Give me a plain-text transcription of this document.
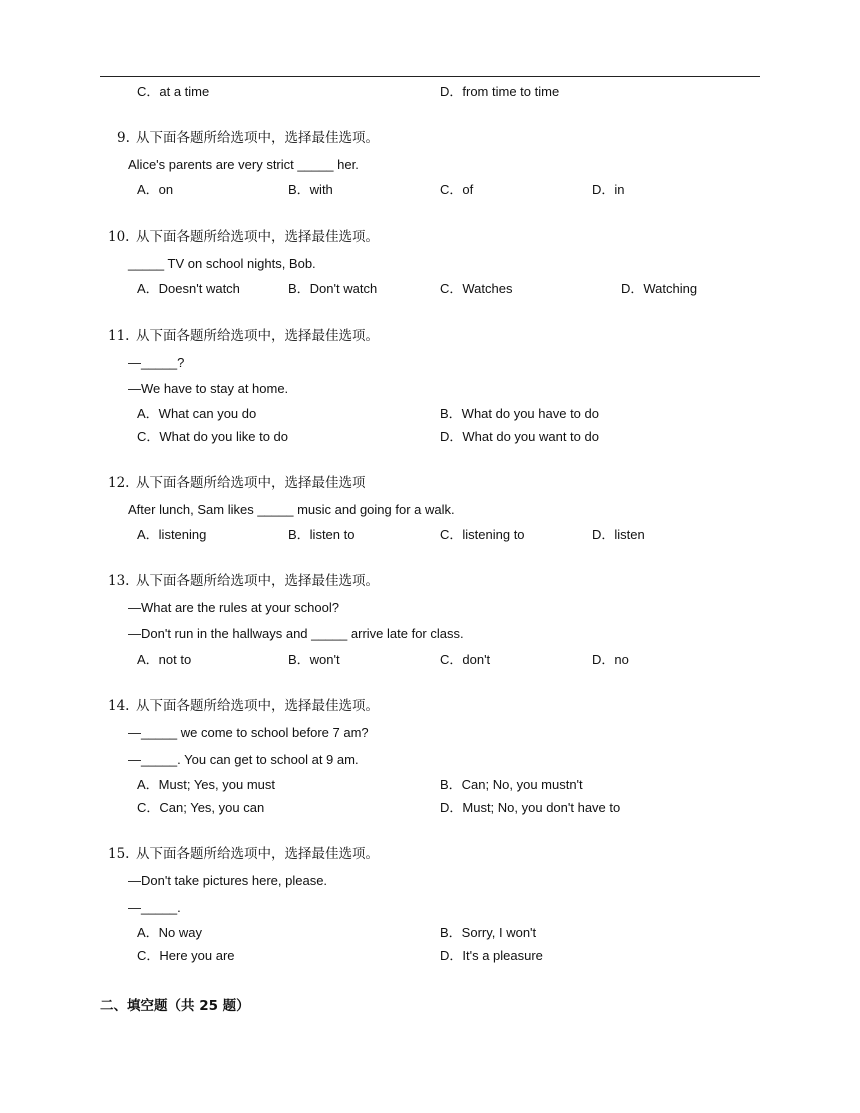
C．at a time	D．from time to time
9. 从下面各题所给选项中，选择最佳选项。
Alice's parents are very strict _____ her.
A．on	B．with	C．of	D．in
10. 从下面各题所给选项中，选择最佳选项。
_____ TV on school nights, Bob.
A．Doesn't watch	B．Don't watch	C．Watches	D．Watching
11. 从下面各题所给选项中，选择最佳选项。
—_____?
—We have to stay at home.
A．What can you do	B．What do you have to do
C．What do you like to do	D．What do you want to do
12. 从下面各题所给选项中，选择最佳选项
After lunch, Sam likes _____ music and going for a walk.
A．listening	B．listen to	C．listening to	D．listen
13. 从下面各题所给选项中，选择最佳选项。
—What are the rules at your school?
—Don't run in the hallways and _____ arrive late for class.
A．not to	B．won't	C．don't	D．no
14. 从下面各题所给选项中，选择最佳选项。
—_____ we come to school before 7 am?
—_____. You can get to school at 9 am.
A．Must; Yes, you must	B．Can; No, you mustn't
C．Can; Yes, you can	D．Must; No, you don't have to
15. 从下面各题所给选项中，选择最佳选项。
—Don't take pictures here, please.
—_____.
A．No way	B．Sorry, I won't
C．Here you are	D．It's a pleasure
二、填空题（共 25 题）
